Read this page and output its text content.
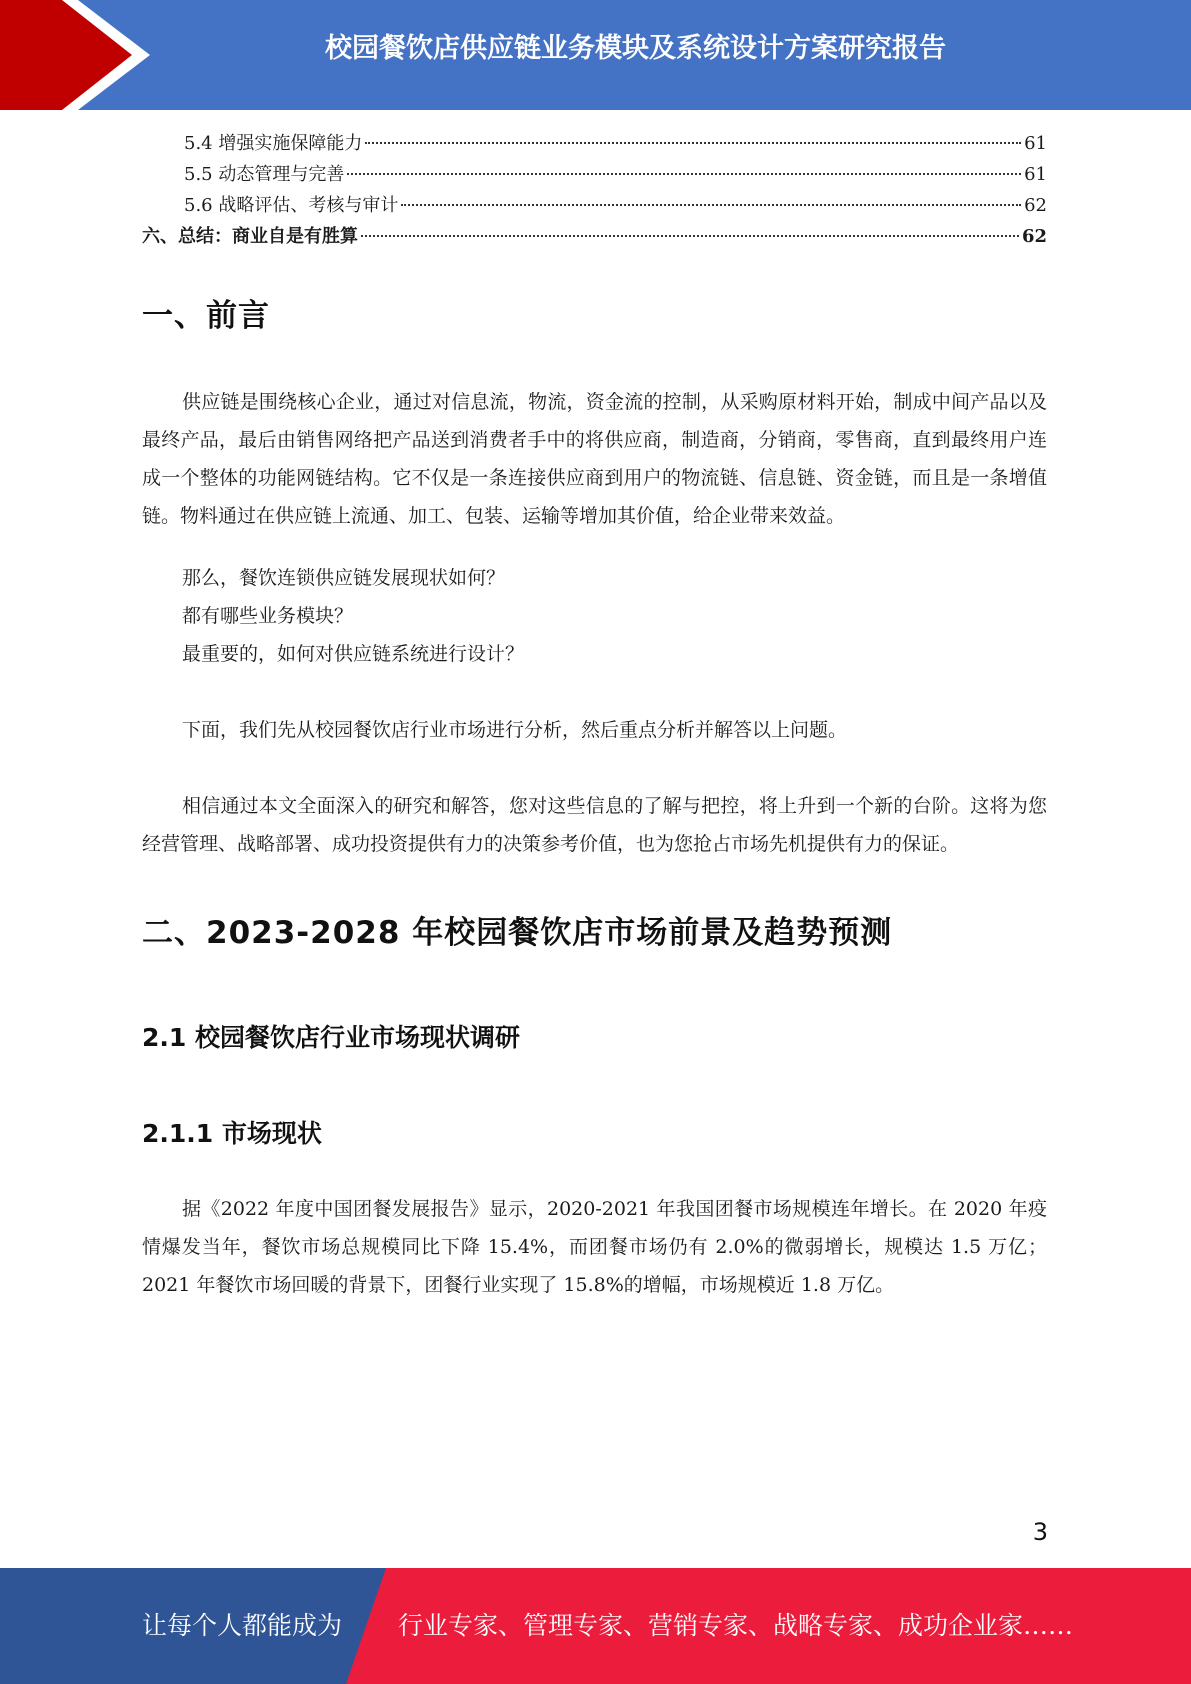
校园餐饮店供应链业务模块及系统设计方案研究报告
5.4 增强实施保障能力	61
5.5 动态管理与完善	61
5.6 战略评估、考核与审计	62
六、总结：商业自是有胜算	62
一、前言

供应链是围绕核心企业，通过对信息流，物流，资金流的控制，从采购原材料开始，制成中间产品以及最终产品，最后由销售网络把产品送到消费者手中的将供应商，制造商，分销商，零售商，直到最终用户连成一个整体的功能网链结构。它不仅是一条连接供应商到用户的物流链、信息链、资金链，而且是一条增值链。物料通过在供应链上流通、加工、包装、运输等增加其价值，给企业带来效益。

那么，餐饮连锁供应链发展现状如何？

都有哪些业务模块？

最重要的，如何对供应链系统进行设计？

下面，我们先从校园餐饮店行业市场进行分析，然后重点分析并解答以上问题。

相信通过本文全面深入的研究和解答，您对这些信息的了解与把控，将上升到一个新的台阶。这将为您经营管理、战略部署、成功投资提供有力的决策参考价值，也为您抢占市场先机提供有力的保证。

二、2023-2028 年校园餐饮店市场前景及趋势预测
2.1 校园餐饮店行业市场现状调研
2.1.1 市场现状

据《2022 年度中国团餐发展报告》显示，2020-2021 年我国团餐市场规模连年增长。在 2020 年疫情爆发当年，餐饮市场总规模同比下降 15.4%，而团餐市场仍有 2.0%的微弱增长，规模达 1.5 万亿；2021 年餐饮市场回暖的背景下，团餐行业实现了 15.8%的增幅，市场规模近 1.8 万亿。

3
让每个人都能成为 行业专家、管理专家、营销专家、战略专家、成功企业家……
